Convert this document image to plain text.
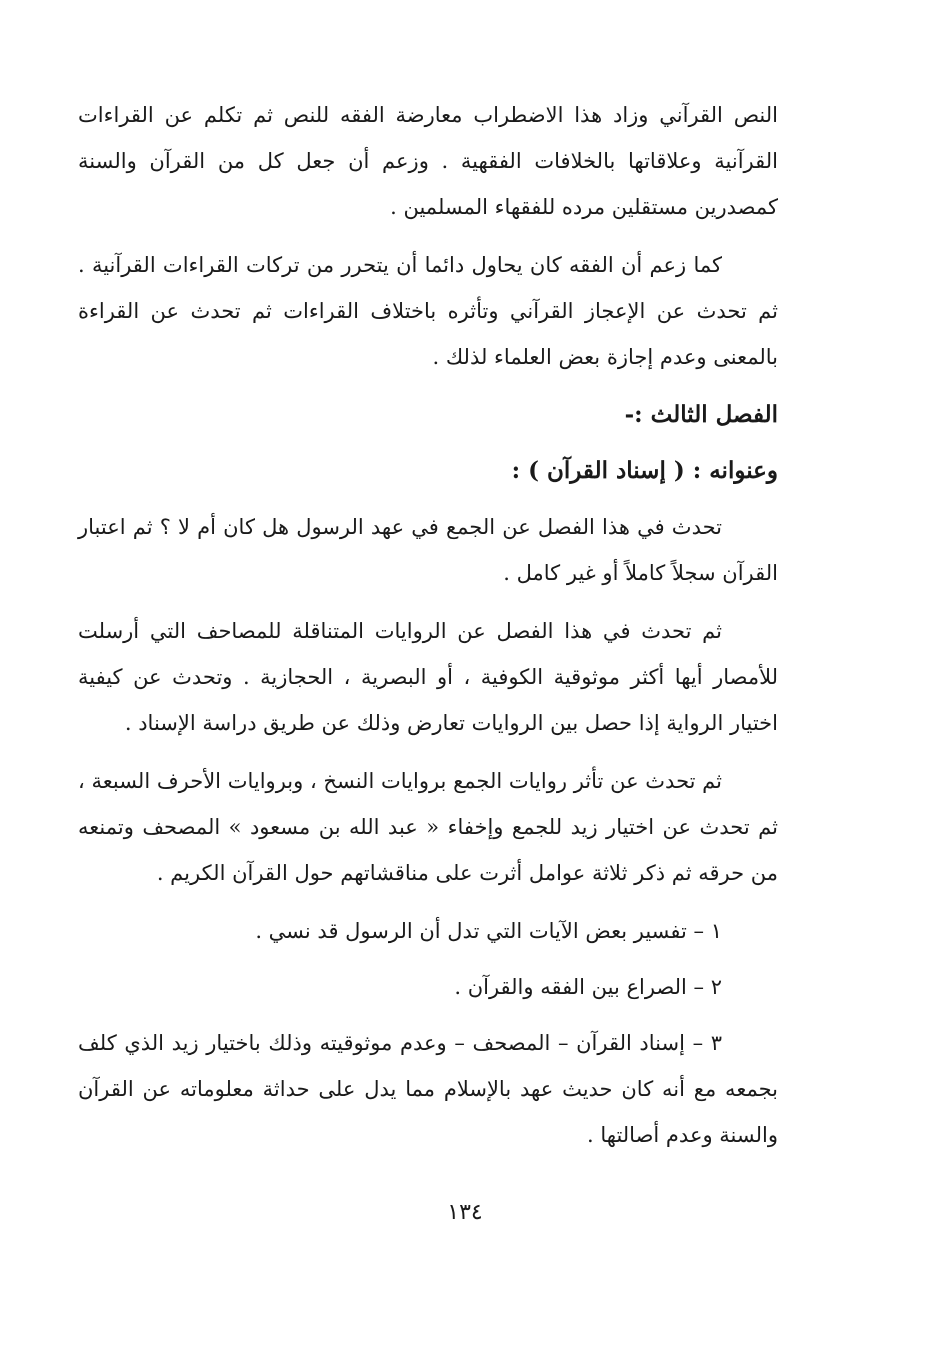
النص القرآني وزاد هذا الاضطراب معارضة الفقه للنص ثم تكلم عن القراءات القرآنية وعلاقاتها بالخلافات الفقهية . وزعم أن جعل كل من القرآن والسنة كمصدرين مستقلين مرده للفقهاء المسلمين .

كما زعم أن الفقه كان يحاول دائما أن يتحرر من تركات القراءات القرآنية . ثم تحدث عن الإعجاز القرآني وتأثره باختلاف القراءات ثم تحدث عن القراءة بالمعنى وعدم إجازة بعض العلماء لذلك .

الفصل الثالث :-
وعنوانه : ( إسناد القرآن ) :

تحدث في هذا الفصل عن الجمع في عهد الرسول هل كان أم لا ؟ ثم اعتبار القرآن سجلاً كاملاً أو غير كامل .

ثم تحدث في هذا الفصل عن الروايات المتناقلة للمصاحف التي أرسلت للأمصار أيها أكثر موثوقية الكوفية ، أو البصرية ، الحجازية . وتحدث عن كيفية اختيار الرواية إذا حصل بين الروايات تعارض وذلك عن طريق دراسة الإسناد .

ثم تحدث عن تأثر روايات الجمع بروايات النسخ ، وبروايات الأحرف السبعة ، ثم تحدث عن اختيار زيد للجمع وإخفاء « عبد الله بن مسعود » المصحف وتمنعه من حرقه ثم ذكر ثلاثة عوامل أثرت على مناقشاتهم حول القرآن الكريم .

١ – تفسير بعض الآيات التي تدل أن الرسول قد نسي .

٢ – الصراع بين الفقه والقرآن .

٣ – إسناد القرآن – المصحف – وعدم موثوقيته وذلك باختيار زيد الذي كلف بجمعه مع أنه كان حديث عهد بالإسلام مما يدل على حداثة معلوماته عن القرآن والسنة وعدم أصالتها .

١٣٤
